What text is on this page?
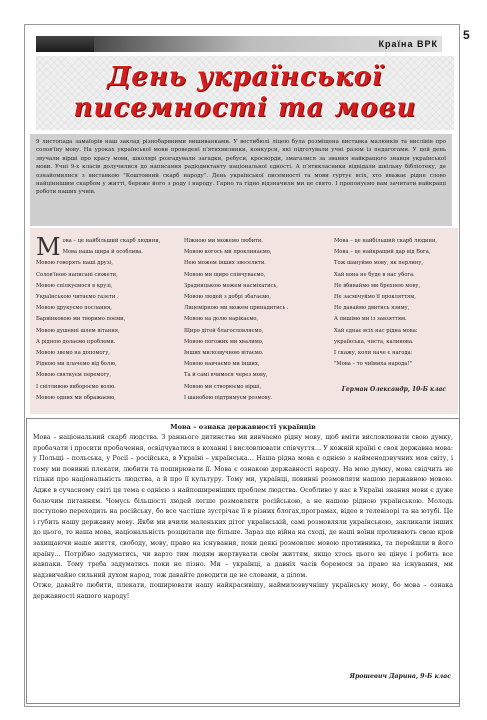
5
Країна ВРК
День української
писемності та мови
9 листопада замаїорів наш заклад різнобарвними вишиванками. У вестибюлі ліцею була розміщена виставка малюнків та вислівів про солов'їну мову. На уроках української мови проведені п'ятихвилинки, конкурси, які підготували учні разом із педагогами. У цей день звучали вірші про красу мови, школярі розгадували загадки, ребуси, кросворди, змагалися за звання найкращого знавця української мови. Учні 9-х класів долучилися до написання радіодиктанту національної єдності. А п'ятикласники відвідали шкільну бібліотеку, де ознайомилися з виставкою "Коштовний скарб народу". День української писемності та мови гуртує всіх, хто вважає рідне слово найцiннішим скарбом у житті, береже його з роду і народу. Гарно та гідно відзначили ми це свято. І пропонуємо вам зачитати найкращі роботи наших учнів.
М ова – це найбільший скарб людини,
Мова наша щира й особлива.
Мовою говорять наші друзі,
Солов'їною написані сюжети,
Мовою спілкуємося в крузі,
Українською читаємо газети .
Мовою друкуємо послання,
Барвінковою ми творимо поеми,
Мовою душевні шлем вітання,
А рідною долаємо проблеми.
Мовою звемо на допомогу,
Рідною ми плачемо від болю,
Мовою святкуєм перемогу,
І снітливою вибороємо волю.
Мовою одних ми ображаємо,
Ніжною ми можемо любити.
Мовою когось ми проклинаємо,
Нею можем інших звеселити.
Мовою ми щиро співчуваємо,
Зрадницькою можем насміхатись,
Мовою людей з добрі збагаємо,
Лицемірною ми можем принадитись .
Мовою на долю нарікаємо,
Щиро дітей благословляємо,
Мовою погожих ми хвалимо,
Інших милозвучною вітаємо.
Мовою навчаємо ми інших,
Та й самі вчимося через мову,
Мовою ми створюємо вірші,
І шанобою підтримуєм розмову.
Мова – це найбільший скарб людини,
Мова – це найкращий дар від Бога,
Тож шануймо мову, як перлину,
Хай вона не буде в нас убога.
Не вбиваймо ми брехнею мову,
Не засмічуймо її прокляттям,
Не даваймо двитись язиму,
А пишімо ми із завзяттям.
Хай єднає всіх нас рідна мова:
українська, чиста, калинова.
І скажу, коли наче є нагода:
"Мова – то чиїмиха народа!"
Герман Олександр, 10-Б клас
Мова – ознака державності українців

Мова – національний скарб людства. З раннього дитинства ми вивчаємо рідну мову, щоб вміти висловлювати свою думку, пробачати і просити пробачення, освідчуватися в коханні і висловлювати співчуття… У кожній країні є своя державна мова: у Польщі – польська, у Росії – російська, в Україні – українська… Наша рідна мова є однією з найменодзвучних мов світу, і тому ми повинні плекати, любити та поширювати її. Мова є ознакою державності народу. На мою думку, мова свідчить не тільки про національність людства, а й про її культуру. Тому ми, українці, повинні розмовляти нашою державною мовою. Адже в сучасному світі ця тема є однією з найпоширеніших проблем людства. Особливо у нас в Україні знання мови є дуже болючим питанням. Чомусь більшості людей легше розмовляти російською, а не нашою рідною українською. Молодь поступово переходить на російську, бо все частіше зустрічає її в різних блогах,програмах, відео в телевізорі та на ютубі. Це і губить нашу державну мову. Якби ми вчили маленьких дітог українській, самі розмовляли українською, закликали інших до цього, то наша мова, національність розцвітали ще більше. Зараз ще війна на сході, де наші воїни проливають свою кров захищаючи наше життя, свободу, мову, право на існування, поки деякі розмовляє мовою противника, та перейшли в його країну… Потрібно задуматись, чи варто тим людям жертвувати своїм життям, якщо хтось цього не цінує і робить все навпаки. Тому треба задуматись поки не пізно. Ми – українці, а давніх часів боремося за право на існування, ми надзвичайно сильний духом народ, тож давайте доводити це не словами, а ділом.

Отже, давайте любити, плекати, поширювати нашу найкрасивішу, наймилозвучнішу українську мову, бо мова – ознака державності нашого народу!

Ярошевич Дарина, 9-Б клас
